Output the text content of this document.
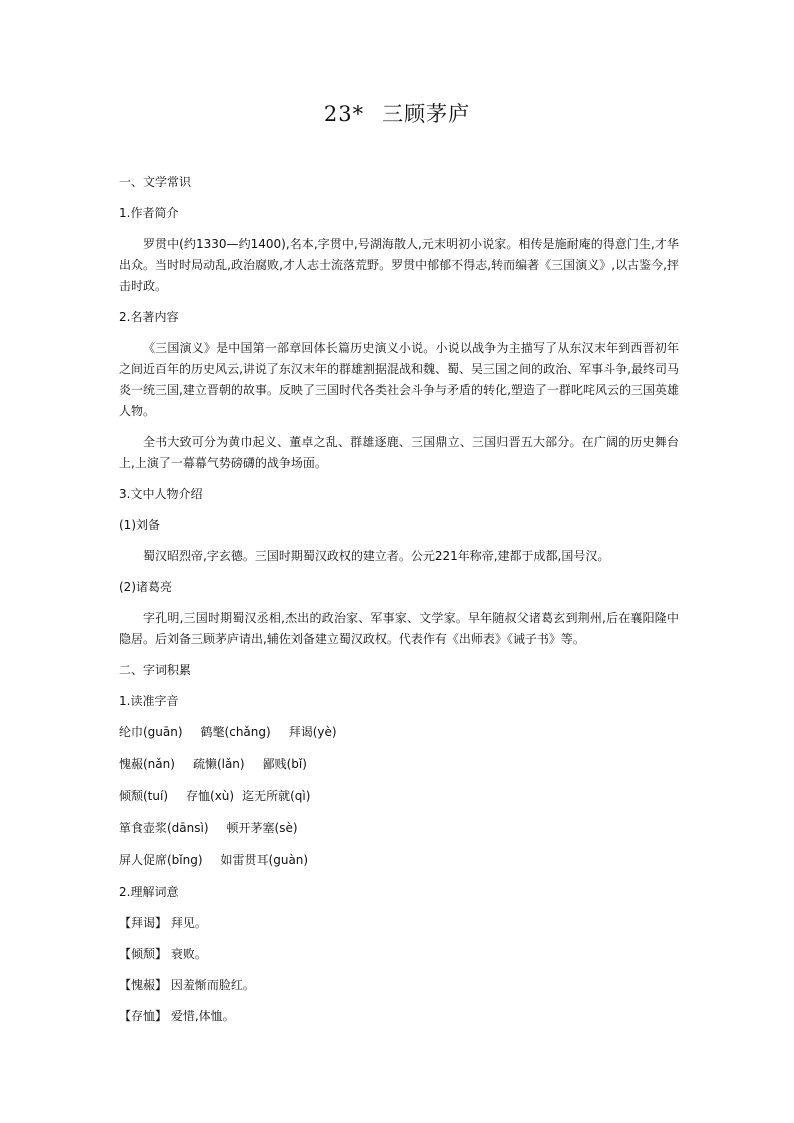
23* 三顾茅庐

一、文学常识

1.作者简介

罗贯中(约1330—约1400),名本,字贯中,号湖海散人,元末明初小说家。相传是施耐庵的得意门生,才华出众。当时时局动乱,政治腐败,才人志士流落荒野。罗贯中郁郁不得志,转而编著《三国演义》,以古鉴今,抨击时政。

2.名著内容

《三国演义》是中国第一部章回体长篇历史演义小说。小说以战争为主描写了从东汉末年到西晋初年之间近百年的历史风云,讲说了东汉末年的群雄割据混战和魏、蜀、吴三国之间的政治、军事斗争,最终司马炎一统三国,建立晋朝的故事。反映了三国时代各类社会斗争与矛盾的转化,塑造了一群叱咤风云的三国英雄人物。

全书大致可分为黄巾起义、董卓之乱、群雄逐鹿、三国鼎立、三国归晋五大部分。在广阔的历史舞台上,上演了一幕幕气势磅礴的战争场面。

3.文中人物介绍

(1)刘备

蜀汉昭烈帝,字玄德。三国时期蜀汉政权的建立者。公元221年称帝,建都于成都,国号汉。

(2)诸葛亮

字孔明,三国时期蜀汉丞相,杰出的政治家、军事家、文学家。早年随叔父诸葛玄到荆州,后在襄阳隆中隐居。后刘备三顾茅庐请出,辅佐刘备建立蜀汉政权。代表作有《出师表》《诫子书》等。

二、字词积累

1.读准字音

纶巾(guān) 鹤氅(chǎng) 拜谒(yè)

愧赧(nǎn) 疏懒(lǎn) 鄙贱(bǐ)

倾颓(tuí) 存恤(xù) 迄无所就(qì)

箪食壶浆(dānsì) 顿开茅塞(sè)

屏人促席(bǐng) 如雷贯耳(guàn)

2.理解词意

【拜谒】 拜见。

【倾颓】 衰败。

【愧赧】 因羞惭而脸红。

【存恤】 爱惜,体恤。
